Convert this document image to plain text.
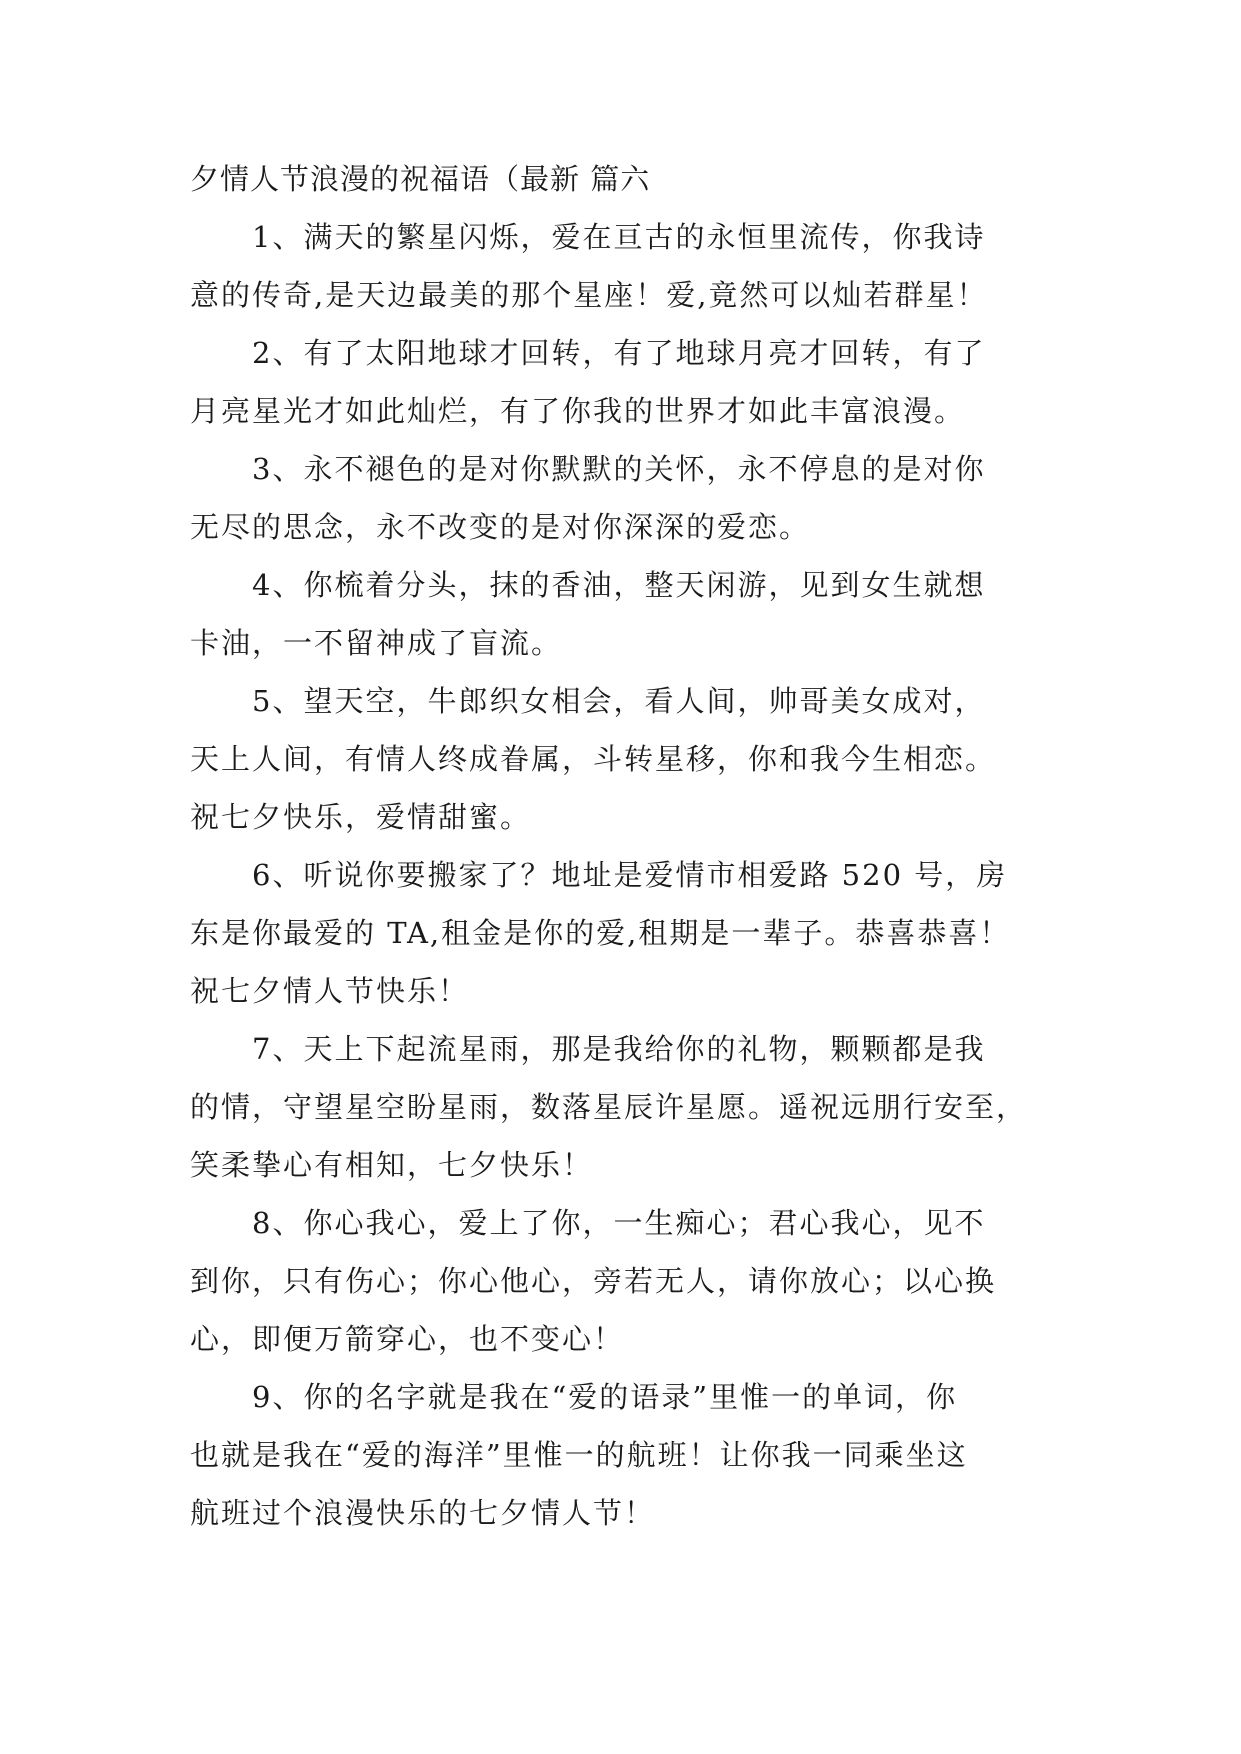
夕情人节浪漫的祝福语（最新 篇六

1、满天的繁星闪烁，爱在亘古的永恒里流传，你我诗
意的传奇,是天边最美的那个星座！爱,竟然可以灿若群星！

2、有了太阳地球才回转，有了地球月亮才回转，有了
月亮星光才如此灿烂，有了你我的世界才如此丰富浪漫。

3、永不褪色的是对你默默的关怀，永不停息的是对你
无尽的思念，永不改变的是对你深深的爱恋。

4、你梳着分头，抹的香油，整天闲游，见到女生就想
卡油，一不留神成了盲流。

5、望天空，牛郎织女相会，看人间，帅哥美女成对，
天上人间，有情人终成眷属，斗转星移，你和我今生相恋。
祝七夕快乐，爱情甜蜜。

6、听说你要搬家了？地址是爱情市相爱路 520 号，房
东是你最爱的 TA,租金是你的爱,租期是一辈子。恭喜恭喜！
祝七夕情人节快乐！

7、天上下起流星雨，那是我给你的礼物，颗颗都是我
的情，守望星空盼星雨，数落星辰许星愿。遥祝远朋行安至，
笑柔挚心有相知，七夕快乐！

8、你心我心，爱上了你，一生痴心；君心我心，见不
到你，只有伤心；你心他心，旁若无人，请你放心；以心换
心，即便万箭穿心，也不变心！

9、你的名字就是我在“爱的语录”里惟一的单词，你
也就是我在“爱的海洋”里惟一的航班！让你我一同乘坐这
航班过个浪漫快乐的七夕情人节！
